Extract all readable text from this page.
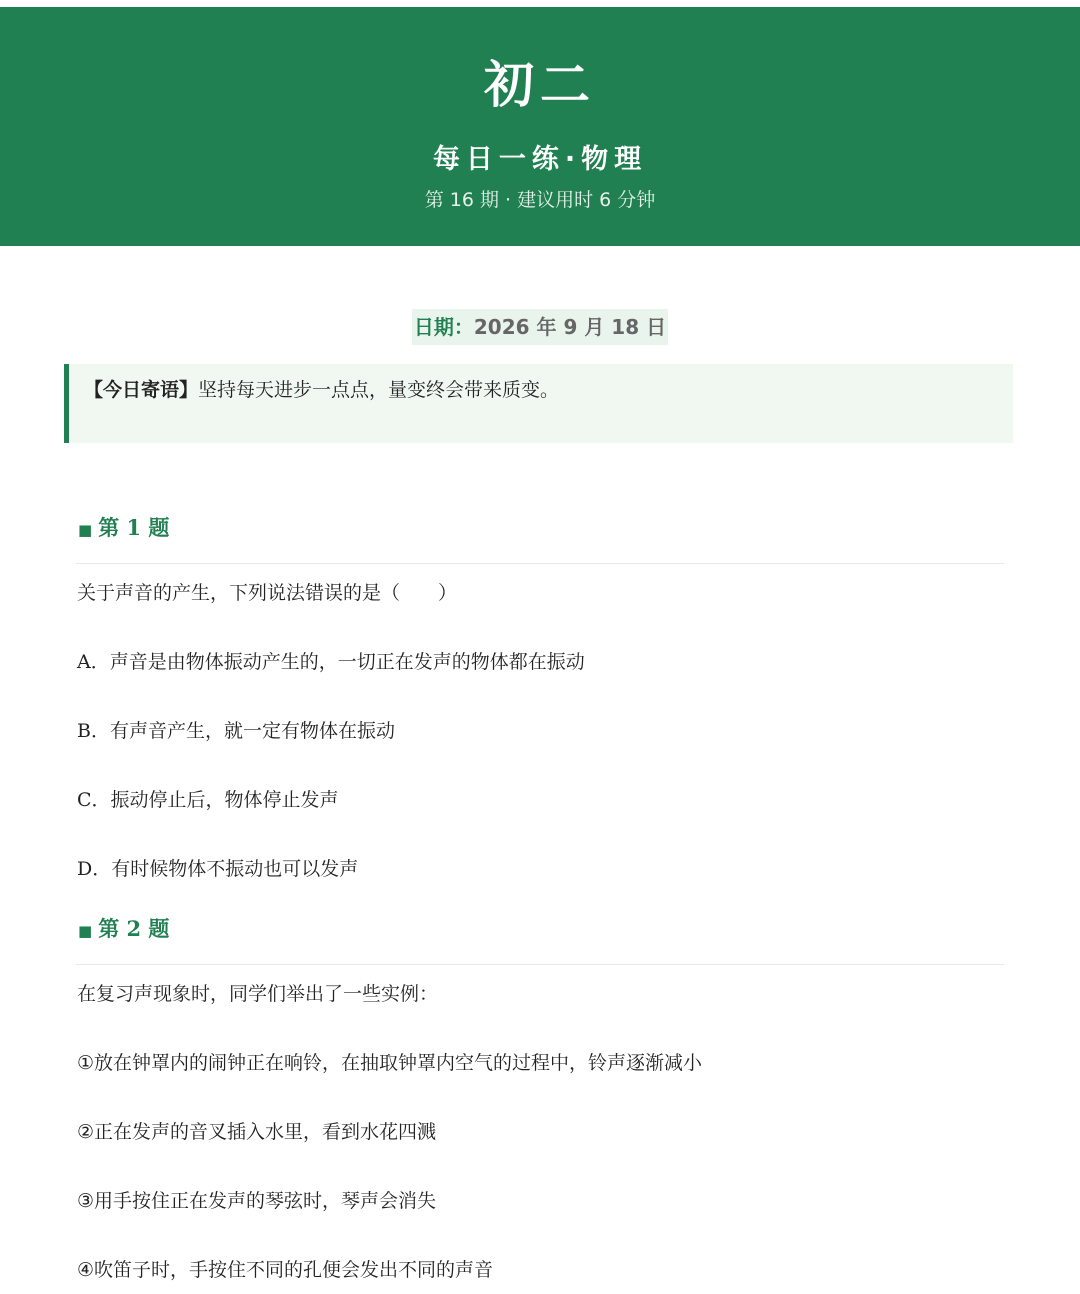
初二
每日一练·物理
第 16 期 · 建议用时 6 分钟
日期：2026 年 9 月 18 日
【今日寄语】坚持每天进步一点点，量变终会带来质变。
■ 第 1 题
关于声音的产生，下列说法错误的是（　　）
A．声音是由物体振动产生的，一切正在发声的物体都在振动
B．有声音产生，就一定有物体在振动
C．振动停止后，物体停止发声
D．有时候物体不振动也可以发声
■ 第 2 题
在复习声现象时，同学们举出了一些实例：
①放在钟罩内的闹钟正在响铃，在抽取钟罩内空气的过程中，铃声逐渐减小
②正在发声的音叉插入水里，看到水花四溅
③用手按住正在发声的琴弦时，琴声会消失
④吹笛子时，手按住不同的孔便会发出不同的声音
